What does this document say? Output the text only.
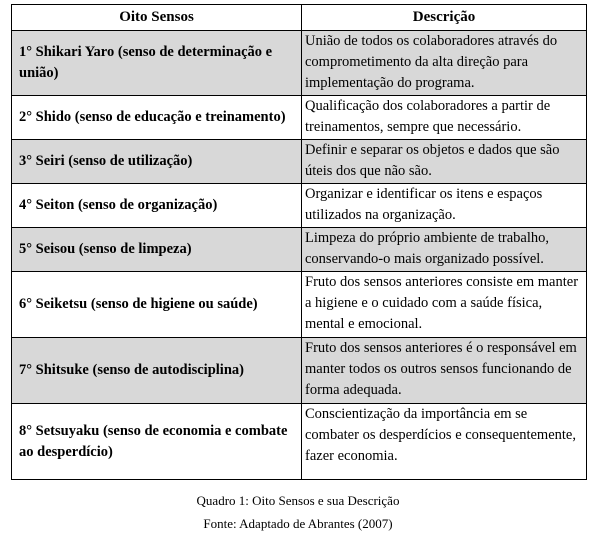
Oito Sensos	Descrição
1° Shikari Yaro (senso de determinação e união)	União de todos os colaboradores através do comprometimento da alta direção para implementação do programa.
2° Shido (senso de educação e treinamento)	Qualificação dos colaboradores a partir de treinamentos, sempre que necessário.
3° Seiri (senso de utilização)	Definir e separar os objetos e dados que são úteis dos que não são.
4° Seiton (senso de organização)	Organizar e identificar os itens e espaços utilizados na organização.
5° Seisou (senso de limpeza)	Limpeza do próprio ambiente de trabalho, conservando-o mais organizado possível.
6° Seiketsu (senso de higiene ou saúde)	Fruto dos sensos anteriores consiste em manter a higiene e o cuidado com a saúde física, mental e emocional.
7° Shitsuke (senso de autodisciplina)	Fruto dos sensos anteriores é o responsável em manter todos os outros sensos funcionando de forma adequada.
8° Setsuyaku (senso de economia e combate ao desperdício)	Conscientização da importância em se combater os desperdícios e consequentemente, fazer economia.
Quadro 1: Oito Sensos e sua Descrição
Fonte: Adaptado de Abrantes (2007)
